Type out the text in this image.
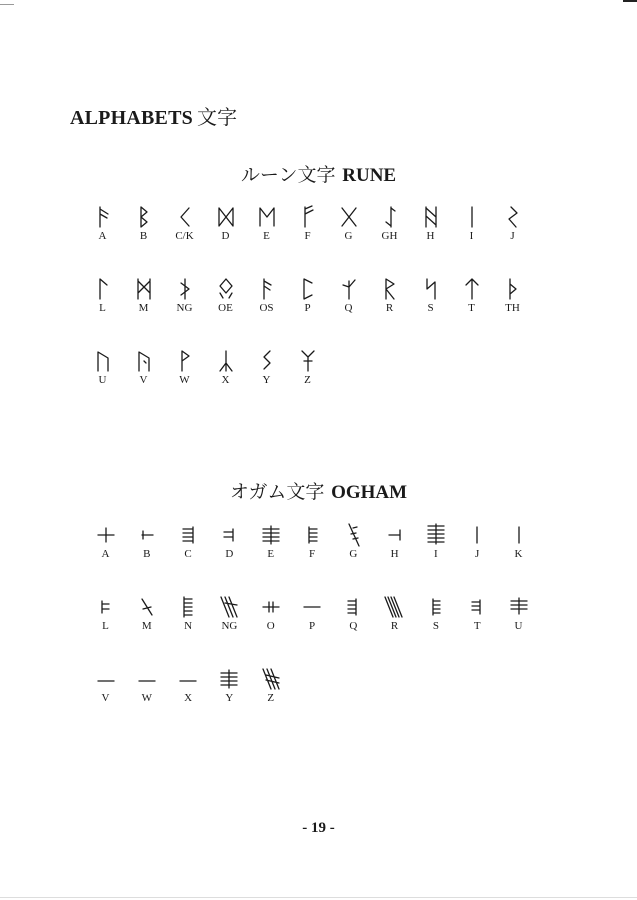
ALPHABETS 文字
ルーン文字 RUNE
A	B	C/K	D	E	F	G	GH	H	I	J
L	M	NG	OE	OS	P	Q	R	S	T	TH
U	V	W	X	Y	Z
オガム文字 OGHAM
A	B	C	D	E	F	G	H	I	J	K
L	M	N	NG	O	P	Q	R	S	T	U
V	W	X	Y	Z
- 19 -
